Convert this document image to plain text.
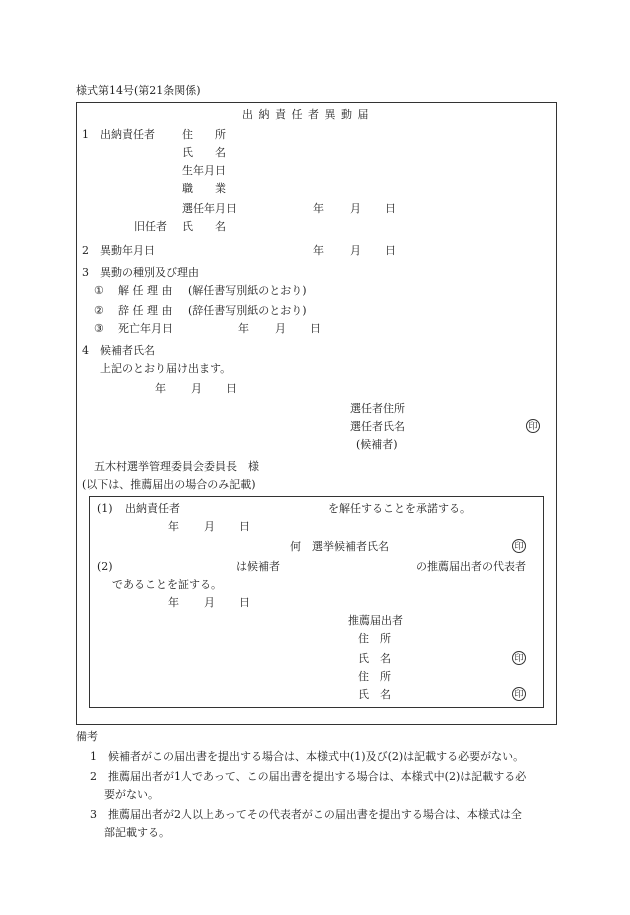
様式第14号(第21条関係)
出 納 責 任 者 異 動 届
1　出納責任者 住　　所
氏　　名
生年月日
職　　業
選任年月日	年 月 日
旧任者 氏　　名
2　異動年月日	年 月 日
3　異動の種別及び理由
① 解 任 理 由 (解任書写別紙のとおり)
② 辞 任 理 由 (辞任書写別紙のとおり)
③ 死亡年月日	年 月 日
4　候補者氏名
上記のとおり届け出ます。
年 月 日
選任者住所
選任者氏名	印
(候補者)
五木村選挙管理委員会委員長　様
(以下は、推薦届出の場合のみ記載)
(1) 出納責任者	を解任することを承諾する。
年 月 日
何　選挙候補者氏名	印
(2)	は候補者	の推薦届出者の代表者
であることを証する。
年 月 日
推薦届出者
住　所
氏　名	印
住　所
氏　名	印
備考
1　候補者がこの届出書を提出する場合は、本様式中(1)及び(2)は記載する必要がない。
2　推薦届出者が1人であって、この届出書を提出する場合は、本様式中(2)は記載する必
要がない。
3　推薦届出者が2人以上あってその代表者がこの届出書を提出する場合は、本様式は全
部記載する。
